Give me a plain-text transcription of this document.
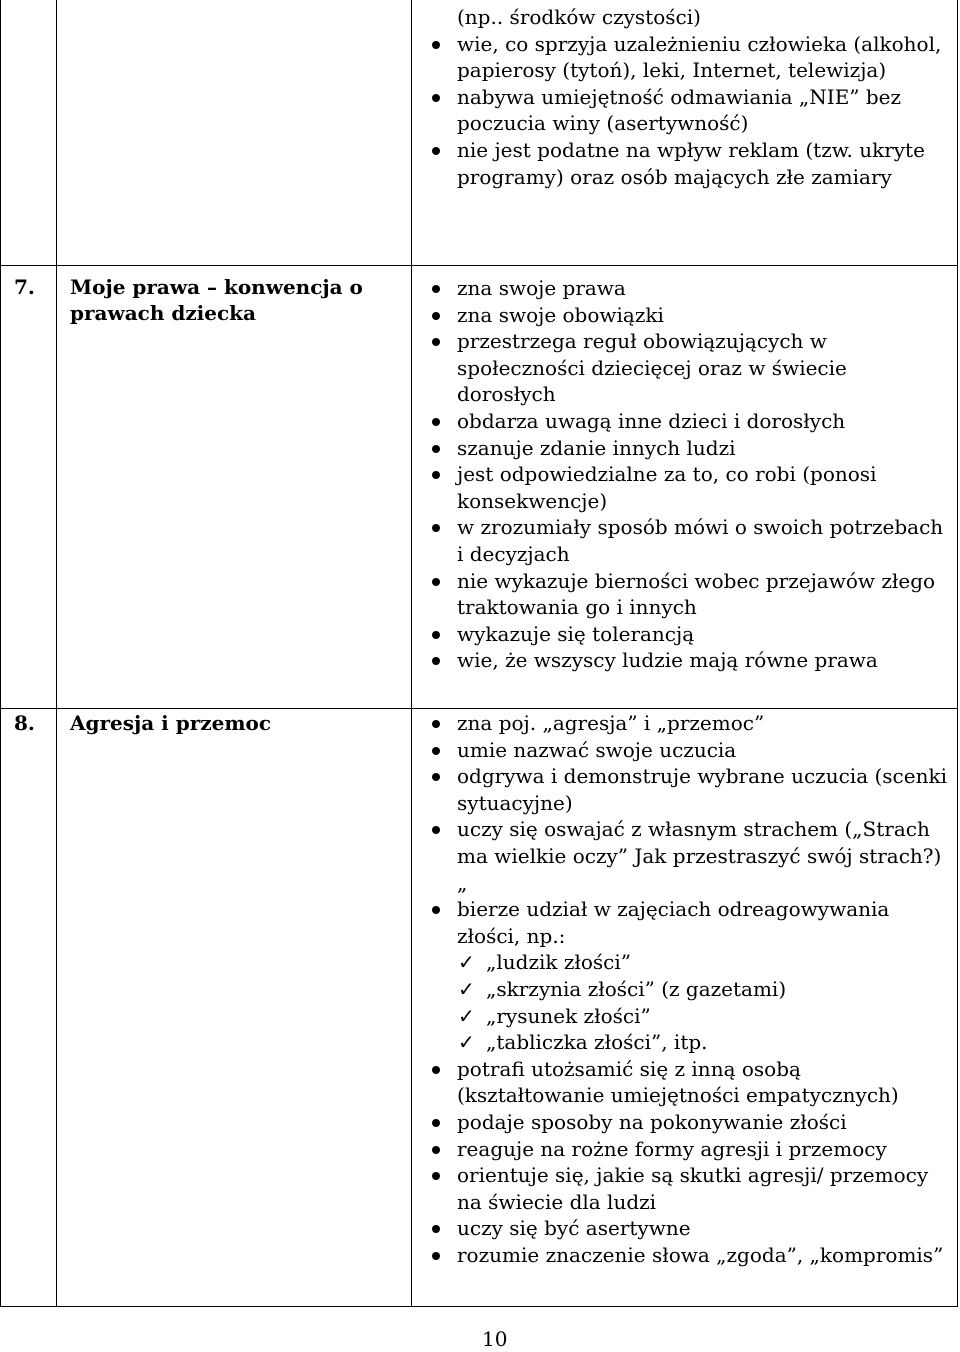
(np.. środków czystości)
wie, co sprzyja uzależnieniu człowieka (alkohol, papierosy (tytoń), leki, Internet, telewizja)
nabywa umiejętność odmawiania „NIE” bez poczucia winy (asertywność)
nie jest podatne na wpływ reklam (tzw. ukryte programy) oraz osób mających złe zamiary
7. Moje prawa – konwencja o prawach dziecka
zna swoje prawa
zna swoje obowiązki
przestrzega reguł obowiązujących w społeczności dziecięcej oraz w świecie dorosłych
obdarza uwagą inne dzieci i dorosłych
szanuje zdanie innych ludzi
jest odpowiedzialne za to, co robi (ponosi konsekwencje)
w zrozumiały sposób mówi o swoich potrzebach i decyzjach
nie wykazuje bierności wobec przejawów złego traktowania go i innych
wykazuje się tolerancją
wie, że wszyscy ludzie mają równe prawa
8. Agresja i przemoc	zna poj. „agresja” i „przemoc”
umie nazwać swoje uczucia
odgrywa i demonstruje wybrane uczucia (scenki sytuacyjne)
uczy się oswajać z własnym strachem („Strach ma wielkie oczy” Jak przestraszyć swój strach?)„
bierze udział w zajęciach odreagowywania złości, np.:
✓ „ludzik złości”
✓ „skrzynia złości” (z gazetami)
✓ „rysunek złości”
✓ „tabliczka złości”, itp.
potrafi utożsamić się z inną osobą (kształtowanie umiejętności empatycznych)
podaje sposoby na pokonywanie złości
reaguje na rożne formy agresji i przemocy
orientuje się, jakie są skutki agresji/ przemocy na świecie dla ludzi
uczy się być asertywne
rozumie znaczenie słowa „zgoda”, „kompromis”
10
